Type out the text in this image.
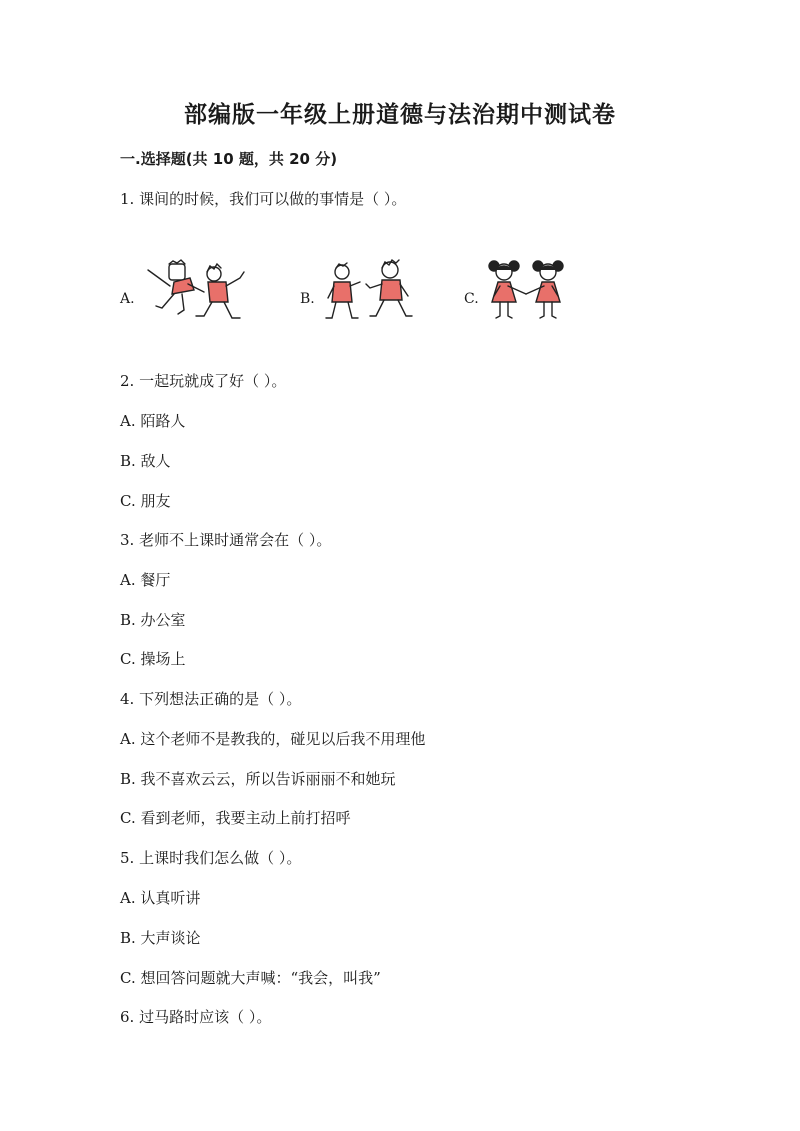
部编版一年级上册道德与法治期中测试卷

一.选择题(共 10 题，共 20 分)

1. 课间的时候，我们可以做的事情是（ ）。

A.	B.	C.

2. 一起玩就成了好（ ）。

A. 陌路人

B. 敌人

C. 朋友

3. 老师不上课时通常会在（ ）。

A. 餐厅

B. 办公室

C. 操场上

4. 下列想法正确的是（ ）。

A. 这个老师不是教我的，碰见以后我不用理他

B. 我不喜欢云云，所以告诉丽丽不和她玩

C. 看到老师，我要主动上前打招呼

5. 上课时我们怎么做（ ）。

A. 认真听讲

B. 大声谈论

C. 想回答问题就大声喊：“我会，叫我”

6. 过马路时应该（ ）。
